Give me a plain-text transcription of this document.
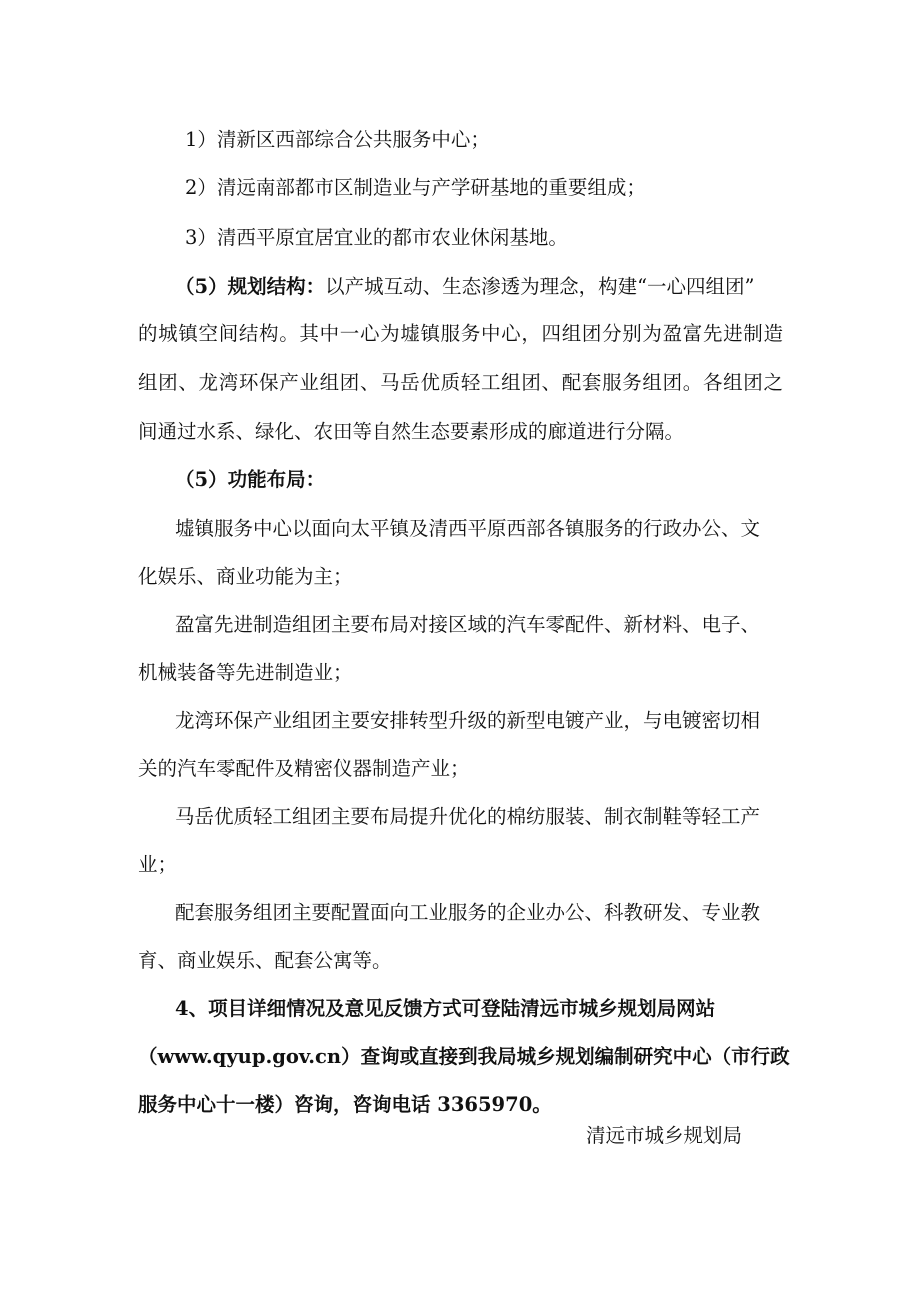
1）清新区西部综合公共服务中心；
2）清远南部都市区制造业与产学研基地的重要组成；
3）清西平原宜居宜业的都市农业休闲基地。
（5）规划结构：以产城互动、生态渗透为理念，构建“一心四组团”
的城镇空间结构。其中一心为墟镇服务中心，四组团分别为盈富先进制造
组团、龙湾环保产业组团、马岳优质轻工组团、配套服务组团。各组团之
间通过水系、绿化、农田等自然生态要素形成的廊道进行分隔。
（5）功能布局：
墟镇服务中心以面向太平镇及清西平原西部各镇服务的行政办公、文
化娱乐、商业功能为主；
盈富先进制造组团主要布局对接区域的汽车零配件、新材料、电子、
机械装备等先进制造业；
龙湾环保产业组团主要安排转型升级的新型电镀产业，与电镀密切相
关的汽车零配件及精密仪器制造产业；
马岳优质轻工组团主要布局提升优化的棉纺服装、制衣制鞋等轻工产
业；
配套服务组团主要配置面向工业服务的企业办公、科教研发、专业教
育、商业娱乐、配套公寓等。
4、项目详细情况及意见反馈方式可登陆清远市城乡规划局网站
（www.qyup.gov.cn）查询或直接到我局城乡规划编制研究中心（市行政
服务中心十一楼）咨询，咨询电话 3365970。
清远市城乡规划局
